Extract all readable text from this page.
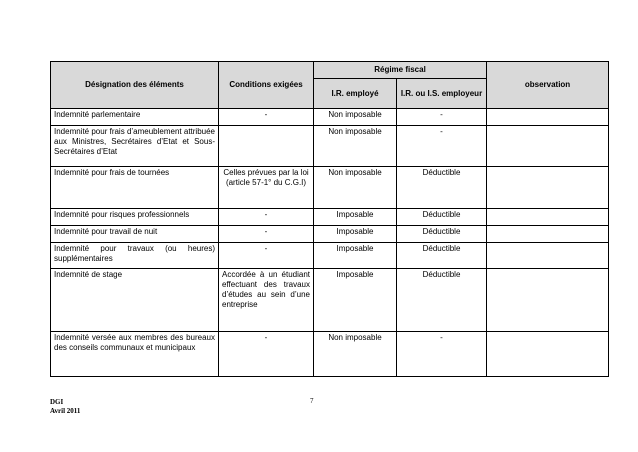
Désignation des éléments	Conditions exigées	Régime fiscal		observation
		I.R. employé	I.R. ou I.S. employeur	
Indemnité parlementaire	-	Non imposable	-	
Indemnité pour frais d’ameublement attribuée aux Ministres, Secrétaires d’Etat et Sous-Secrétaires d’Etat		Non imposable	-	
Indemnité pour frais de tournées	Celles prévues par la loi (article 57-1° du C.G.I)	Non imposable	Déductible	
Indemnité pour risques professionnels	-	Imposable	Déductible	
Indemnité pour travail de nuit	-	Imposable	Déductible	
Indemnité pour travaux (ou heures) supplémentaires	-	Imposable	Déductible	
Indemnité de stage	Accordée à un étudiant effectuant des travaux d’études au sein d’une entreprise	Imposable	Déductible	
Indemnité versée aux membres des bureaux des conseils communaux et municipaux	-	Non imposable	-	
DGI
Avril 2011
7
